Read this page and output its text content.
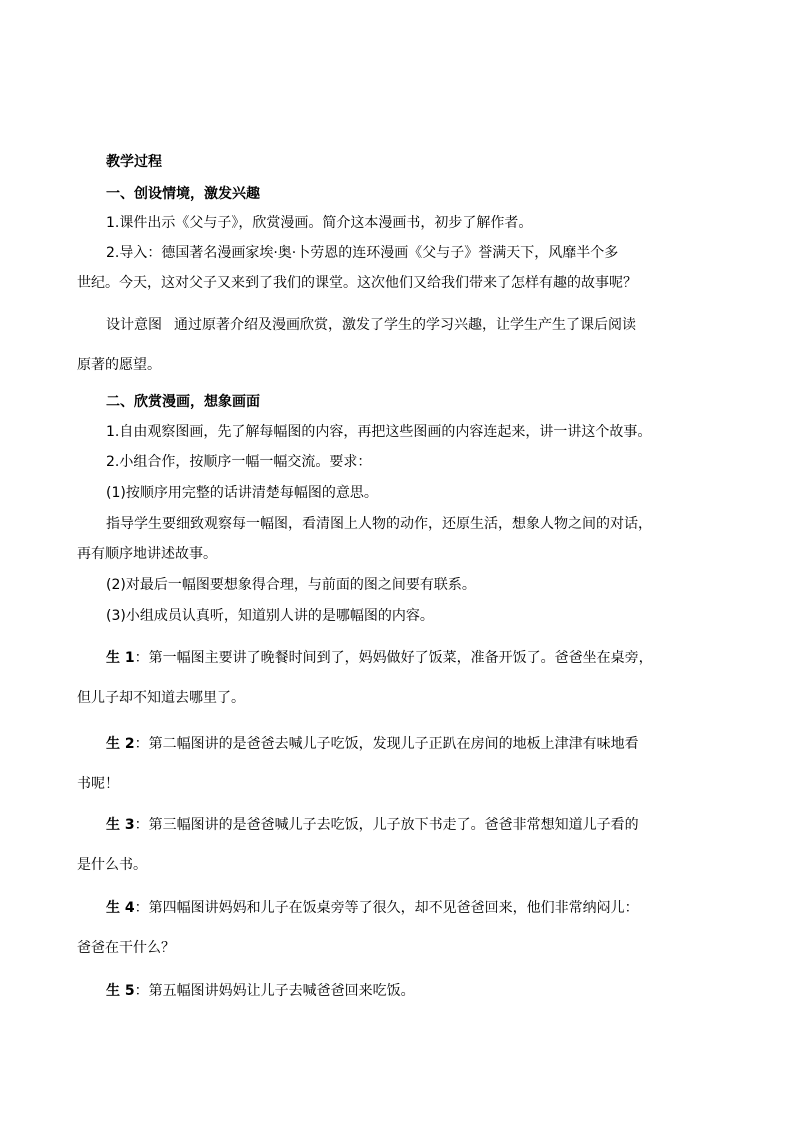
教学过程
一、创设情境，激发兴趣
1.课件出示《父与子》，欣赏漫画。简介这本漫画书，初步了解作者。
2.导入：德国著名漫画家埃·奥·卜劳恩的连环漫画《父与子》誉满天下，风靡半个多
世纪。今天，这对父子又来到了我们的课堂。这次他们又给我们带来了怎样有趣的故事呢？
设计意图 通过原著介绍及漫画欣赏，激发了学生的学习兴趣，让学生产生了课后阅读
原著的愿望。
二、欣赏漫画，想象画面
1.自由观察图画，先了解每幅图的内容，再把这些图画的内容连起来，讲一讲这个故事。
2.小组合作，按顺序一幅一幅交流。要求：
(1)按顺序用完整的话讲清楚每幅图的意思。
指导学生要细致观察每一幅图，看清图上人物的动作，还原生活，想象人物之间的对话，
再有顺序地讲述故事。
(2)对最后一幅图要想象得合理，与前面的图之间要有联系。
(3)小组成员认真听，知道别人讲的是哪幅图的内容。
生 1：第一幅图主要讲了晚餐时间到了，妈妈做好了饭菜，准备开饭了。爸爸坐在桌旁，
但儿子却不知道去哪里了。
生 2：第二幅图讲的是爸爸去喊儿子吃饭，发现儿子正趴在房间的地板上津津有味地看
书呢！
生 3：第三幅图讲的是爸爸喊儿子去吃饭，儿子放下书走了。爸爸非常想知道儿子看的
是什么书。
生 4：第四幅图讲妈妈和儿子在饭桌旁等了很久，却不见爸爸回来，他们非常纳闷儿：
爸爸在干什么？
生 5：第五幅图讲妈妈让儿子去喊爸爸回来吃饭。
